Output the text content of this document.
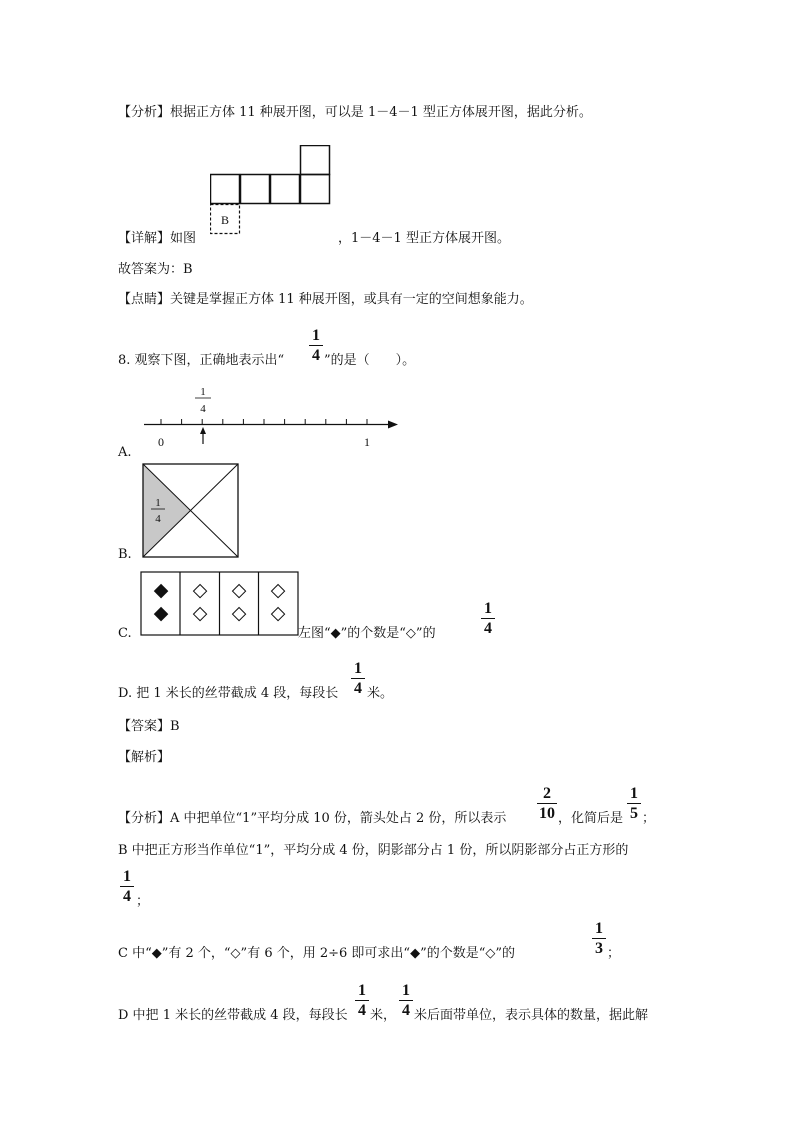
【分析】根据正方体 11 种展开图，可以是 1－4－1 型正方体展开图，据此分析。
B
【详解】如图	，1－4－1 型正方体展开图。
故答案为：B
【点睛】关键是掌握正方体 11 种展开图，或具有一定的空间想象能力。
8. 观察下图，正确地表示出“
1
4 ”的是（　　）。
A.
1
4
0	1
B.
1
4
C.
◆
◆
◇
◇
◇
◇
◇
◇
左图“◆”的个数是“◇”的
1
4
D. 把 1 米长的丝带截成 4 段，每段长
1
4 米。
【答案】B
【解析】
【分析】A 中把单位“1”平均分成 10 份，箭头处占 2 份，所以表示
2
10 ，化简后是
1
5 ；
B 中把正方形当作单位“1”，平均分成 4 份，阴影部分占 1 份，所以阴影部分占正方形的
1
4 ；
C 中“◆”有 2 个，“◇”有 6 个，用 2÷6 即可求出“◆”的个数是“◇”的
1
3 ；
D 中把 1 米长的丝带截成 4 段，每段长
1
4 米，
1
4 米后面带单位，表示具体的数量，据此解
